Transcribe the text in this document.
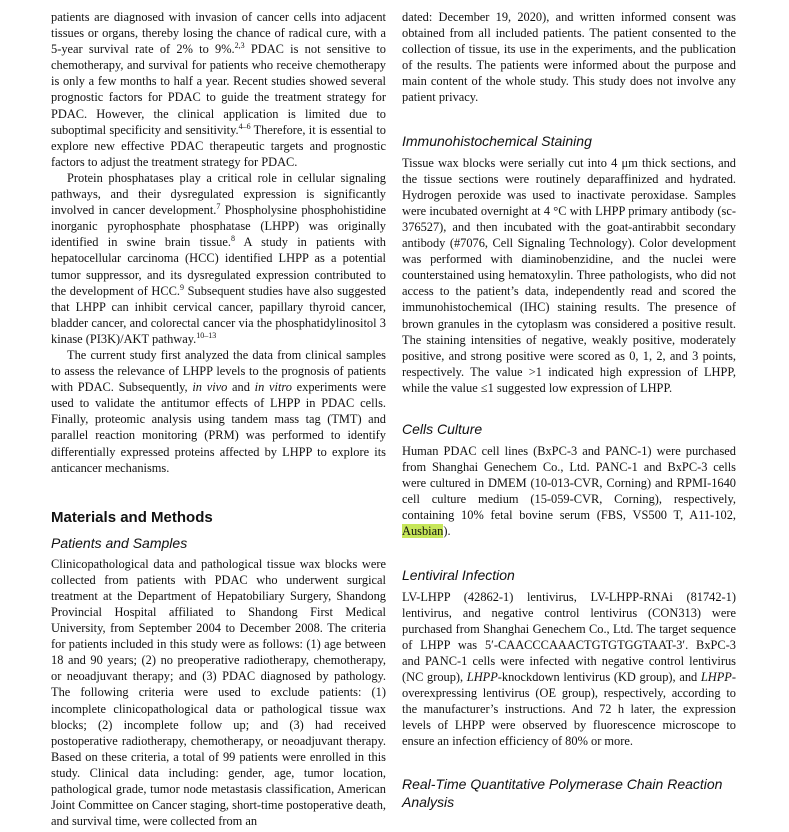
patients are diagnosed with invasion of cancer cells into adjacent tissues or organs, thereby losing the chance of radical cure, with a 5-year survival rate of 2% to 9%.$^{2,3}$ PDAC is not sensitive to chemotherapy, and survival for patients who receive chemotherapy is only a few months to half a year. Recent studies showed several prognostic factors for PDAC to guide the treatment strategy for PDAC. However, the clinical application is limited due to suboptimal specificity and sensitivity.$^{4-6}$ Therefore, it is essential to explore new effective PDAC therapeutic targets and prognostic factors to adjust the treatment strategy for PDAC.

Protein phosphatases play a critical role in cellular signaling pathways, and their dysregulated expression is significantly involved in cancer development.$^7$ Phospholysine phosphohistidine inorganic pyrophosphate phosphatase (LHPP) was originally identified in swine brain tissue.$^8$ A study in patients with hepatocellular carcinoma (HCC) identified LHPP as a potential tumor suppressor, and its dysregulated expression contributed to the development of HCC.$^9$ Subsequent studies have also suggested that LHPP can inhibit cervical cancer, papillary thyroid cancer, bladder cancer, and colorectal cancer via the phosphatidylinositol 3 kinase (PI3K)/AKT pathway.$^{10-13}$

The current study first analyzed the data from clinical samples to assess the relevance of LHPP levels to the prognosis of patients with PDAC. Subsequently, in vivo and in vitro experiments were used to validate the antitumor effects of LHPP in PDAC cells. Finally, proteomic analysis using tandem mass tag (TMT) and parallel reaction monitoring (PRM) was performed to identify differentially expressed proteins affected by LHPP to explore its anticancer mechanisms.

Materials and Methods
Patients and Samples

Clinicopathological data and pathological tissue wax blocks were collected from patients with PDAC who underwent surgical treatment at the Department of Hepatobiliary Surgery, Shandong Provincial Hospital affiliated to Shandong First Medical University, from September 2004 to December 2008. The criteria for patients included in this study were as follows: (1) age between 18 and 90 years; (2) no preoperative radiotherapy, chemotherapy, or neoadjuvant therapy; and (3) PDAC diagnosed by pathology. The following criteria were used to exclude patients: (1) incomplete clinicopathological data or pathological tissue wax blocks; (2) incomplete follow up; and (3) had received postoperative radiotherapy, chemotherapy, or neoadjuvant therapy. Based on these criteria, a total of 99 patients were enrolled in this study. Clinical data including: gender, age, tumor location, pathological grade, tumor node metastasis classification, American Joint Committee on Cancer staging, short-time postoperative death, and survival time, were collected from an

dated: December 19, 2020), and written informed consent was obtained from all included patients. The patient consented to the collection of tissue, its use in the experiments, and the publication of the results. The patients were informed about the purpose and main content of the whole study. This study does not involve any patient privacy.

Immunohistochemical Staining

Tissue wax blocks were serially cut into 4 μm thick sections, and the tissue sections were routinely deparaffinized and hydrated. Hydrogen peroxide was used to inactivate peroxidase. Samples were incubated overnight at 4 °C with LHPP primary antibody (sc-376527), and then incubated with the goat-antirabbit secondary antibody (#7076, Cell Signaling Technology). Color development was performed with diaminobenzidine, and the nuclei were counterstained using hematoxylin. Three pathologists, who did not access to the patient’s data, independently read and scored the immunohistochemical (IHC) staining results. The presence of brown granules in the cytoplasm was considered a positive result. The staining intensities of negative, weakly positive, moderately positive, and strong positive were scored as 0, 1, 2, and 3 points, respectively. The value >1 indicated high expression of LHPP, while the value ≤1 suggested low expression of LHPP.

Cells Culture

Human PDAC cell lines (BxPC-3 and PANC-1) were purchased from Shanghai Genechem Co., Ltd. PANC-1 and BxPC-3 cells were cultured in DMEM (10-013-CVR, Corning) and RPMI-1640 cell culture medium (15-059-CVR, Corning), respectively, containing 10% fetal bovine serum (FBS, VS500 T, A11-102, Ausbian).

Lentiviral Infection

LV-LHPP (42862-1) lentivirus, LV-LHPP-RNAi (81742-1) lentivirus, and negative control lentivirus (CON313) were purchased from Shanghai Genechem Co., Ltd. The target sequence of LHPP was 5′-CAACCCAAACTGTGTGGTAAT-3′. BxPC-3 and PANC-1 cells were infected with negative control lentivirus (NC group), LHPP-knockdown lentivirus (KD group), and LHPP-overexpressing lentivirus (OE group), respectively, according to the manufacturer’s instructions. And 72 h later, the expression levels of LHPP were observed by fluorescence microscope to ensure an infection efficiency of 80% or more.

Real-Time Quantitative Polymerase Chain Reaction Analysis
